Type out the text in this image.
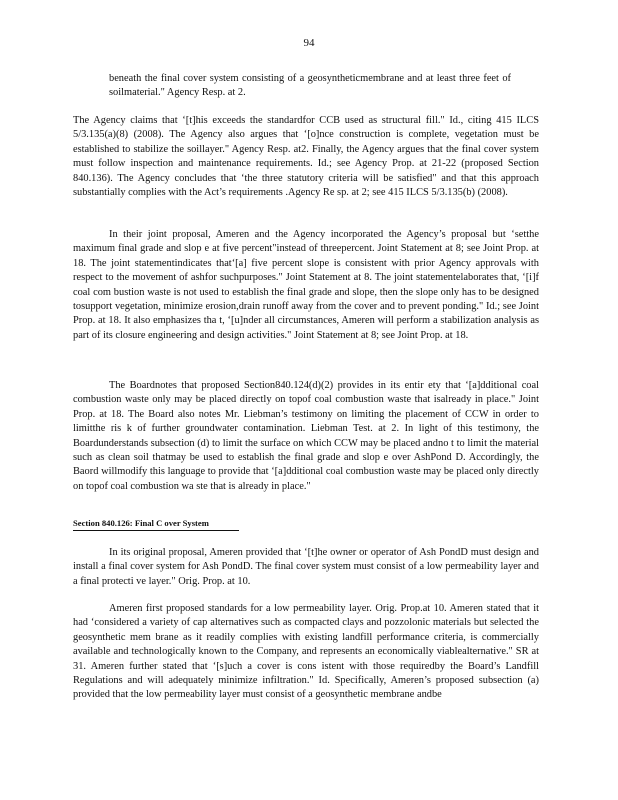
94

beneath the final cover system consisting of a geosyntheticmembrane and at least three feet of soilmaterial." Agency Resp. at 2.

The Agency claims that ‘[t]his exceeds the standardfor CCB used as structural fill." Id., citing 415 ILCS 5/3.135(a)(8) (2008). The Agency also argues that ‘[o]nce construction is complete, vegetation must be established to stabilize the soillayer." Agency Resp. at2. Finally, the Agency argues that the final cover system must follow inspection and maintenance requirements. Id.; see Agency Prop. at 21-22 (proposed Section 840.136). The Agency concludes that ‘the three statutory criteria will be satisfied" and that this approach substantially complies with the Act’s requirements .Agency Re sp. at 2; see 415 ILCS 5/3.135(b) (2008).

In their joint proposal, Ameren and the Agency incorporated the Agency’s proposal but ‘setthe maximum final grade and slop e at five percent"instead of threepercent. Joint Statement at 8; see Joint Prop. at 18. The joint statementindicates that‘[a] five percent slope is consistent with prior Agency approvals with respect to the movement of ashfor suchpurposes." Joint Statement at 8. The joint statementelaborates that, ‘[i]f coal com bustion waste is not used to establish the final grade and slope, then the slope only has to be designed tosupport vegetation, minimize erosion,drain runoff away from the cover and to prevent ponding." Id.; see Joint Prop. at 18. It also emphasizes tha t, ‘[u]nder all circumstances, Ameren will perform a stabilization analysis as part of its closure engineering and design activities." Joint Statement at 8; see Joint Prop. at 18.

The Boardnotes that proposed Section840.124(d)(2) provides in its entir ety that ‘[a]dditional coal combustion waste only may be placed directly on topof coal combustion waste that isalready in place." Joint Prop. at 18. The Board also notes Mr. Liebman’s testimony on limiting the placement of CCW in order to limitthe ris k of further groundwater contamination. Liebman Test. at 2. In light of this testimony, the Boardunderstands subsection (d) to limit the surface on which CCW may be placed andno t to limit the material such as clean soil thatmay be used to establish the final grade and slop e over AshPond D. Accordingly, the Baord willmodify this language to provide that ‘[a]dditional coal combustion waste may be placed only directly on topof coal combustion wa ste that is already in place."

Section 840.126: Final C over System

In its original proposal, Ameren provided that ‘[t]he owner or operator of Ash PondD must design and install a final cover system for Ash PondD. The final cover system must consist of a low permeability layer and a final protecti ve layer." Orig. Prop. at 10.

Ameren first proposed standards for a low permeability layer. Orig. Prop.at 10. Ameren stated that it had ‘considered a variety of cap alternatives such as compacted clays and pozzolonic materials but selected the geosynthetic mem brane as it readily complies with existing landfill performance criteria, is commercially available and technologically known to the Company, and represents an economically viablealternative." SR at 31. Ameren further stated that ‘[s]uch a cover is cons istent with those requiredby the Board’s Landfill Regulations and will adequately minimize infiltration." Id. Specifically, Ameren’s proposed subsection (a) provided that the low permeability layer must consist of a geosynthetic membrane andbe
